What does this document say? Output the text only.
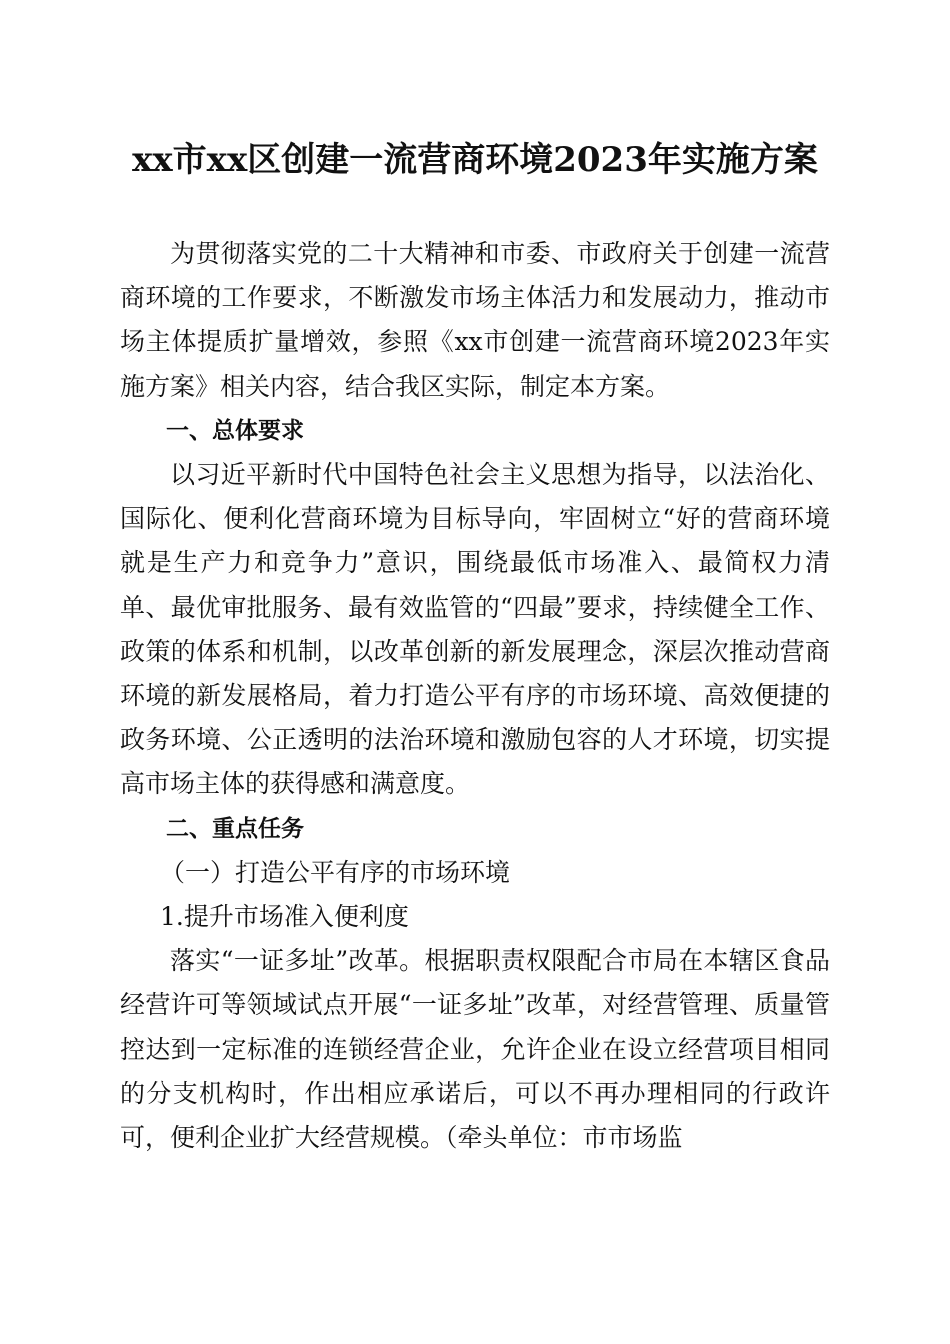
xx市xx区创建一流营商环境2023年实施方案

为贯彻落实党的二十大精神和市委、市政府关于创建一流营商环境的工作要求，不断激发市场主体活力和发展动力，推动市场主体提质扩量增效，参照《xx市创建一流营商环境2023年实施方案》相关内容，结合我区实际，制定本方案。

一、总体要求

以习近平新时代中国特色社会主义思想为指导，以法治化、国际化、便利化营商环境为目标导向，牢固树立“好的营商环境就是生产力和竞争力”意识，围绕最低市场准入、最简权力清单、最优审批服务、最有效监管的“四最”要求，持续健全工作、政策的体系和机制，以改革创新的新发展理念，深层次推动营商环境的新发展格局，着力打造公平有序的市场环境、高效便捷的政务环境、公正透明的法治环境和激励包容的人才环境，切实提高市场主体的获得感和满意度。

二、重点任务

（一）打造公平有序的市场环境

1.提升市场准入便利度

落实“一证多址”改革。根据职责权限配合市局在本辖区食品经营许可等领域试点开展“一证多址”改革，对经营管理、质量管控达到一定标准的连锁经营企业，允许企业在设立经营项目相同的分支机构时，作出相应承诺后，可以不再办理相同的行政许可，便利企业扩大经营规模。（牵头单位：市市场监
